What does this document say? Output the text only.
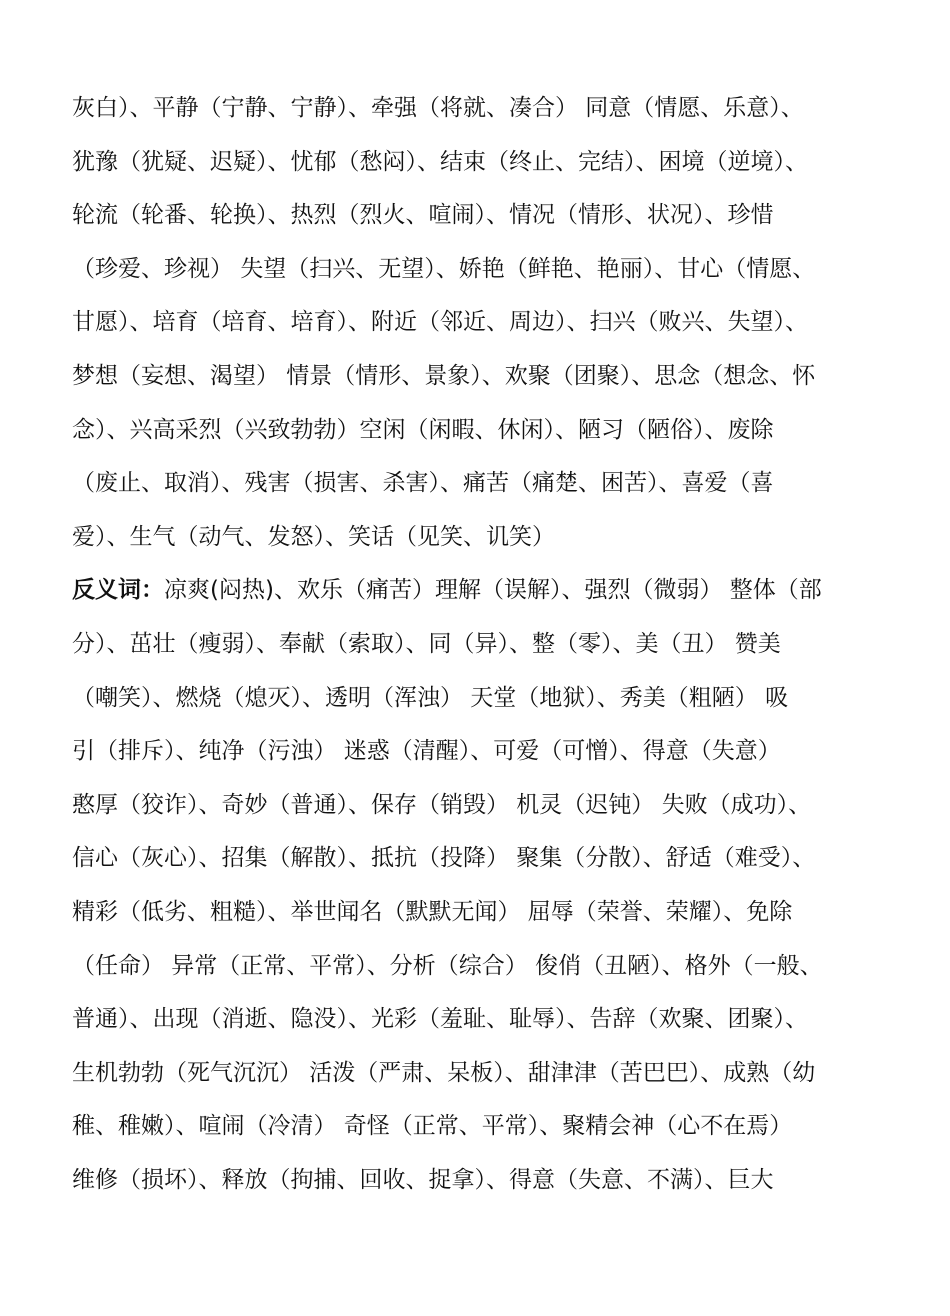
灰白）、平静（宁静、宁静）、牵强（将就、凑合） 同意（情愿、乐意）、
犹豫（犹疑、迟疑）、忧郁（愁闷）、结束（终止、完结）、困境（逆境）、
轮流（轮番、轮换）、热烈（烈火、喧闹）、情况（情形、状况）、珍惜
（珍爱、珍视） 失望（扫兴、无望）、娇艳（鲜艳、艳丽）、甘心（情愿、
甘愿）、培育（培育、培育）、附近（邻近、周边）、扫兴（败兴、失望）、
梦想（妄想、渴望） 情景（情形、景象）、欢聚（团聚）、思念（想念、怀
念）、兴高采烈（兴致勃勃）空闲（闲暇、休闲）、陋习（陋俗）、废除
（废止、取消）、残害（损害、杀害）、痛苦（痛楚、困苦）、喜爱（喜
爱）、生气（动气、发怒）、笑话（见笑、讥笑）
反义词：凉爽(闷热)、欢乐（痛苦）理解（误解）、强烈（微弱） 整体（部
分）、茁壮（瘦弱）、奉献（索取）、同（异）、整（零）、美（丑） 赞美
（嘲笑）、燃烧（熄灭）、透明（浑浊） 天堂（地狱）、秀美（粗陋） 吸
引（排斥）、纯净（污浊） 迷惑（清醒）、可爱（可憎）、得意（失意）
憨厚（狡诈）、奇妙（普通）、保存（销毁） 机灵（迟钝） 失败（成功）、
信心（灰心）、招集（解散）、抵抗（投降） 聚集（分散）、舒适（难受）、
精彩（低劣、粗糙）、举世闻名（默默无闻） 屈辱（荣誉、荣耀）、免除
（任命） 异常（正常、平常）、分析（综合） 俊俏（丑陋）、格外（一般、
普通）、出现（消逝、隐没）、光彩（羞耻、耻辱）、告辞（欢聚、团聚）、
生机勃勃（死气沉沉） 活泼（严肃、呆板）、甜津津（苦巴巴）、成熟（幼
稚、稚嫩）、喧闹（冷清） 奇怪（正常、平常）、聚精会神（心不在焉）
维修（损坏）、释放（拘捕、回收、捉拿）、得意（失意、不满）、巨大
